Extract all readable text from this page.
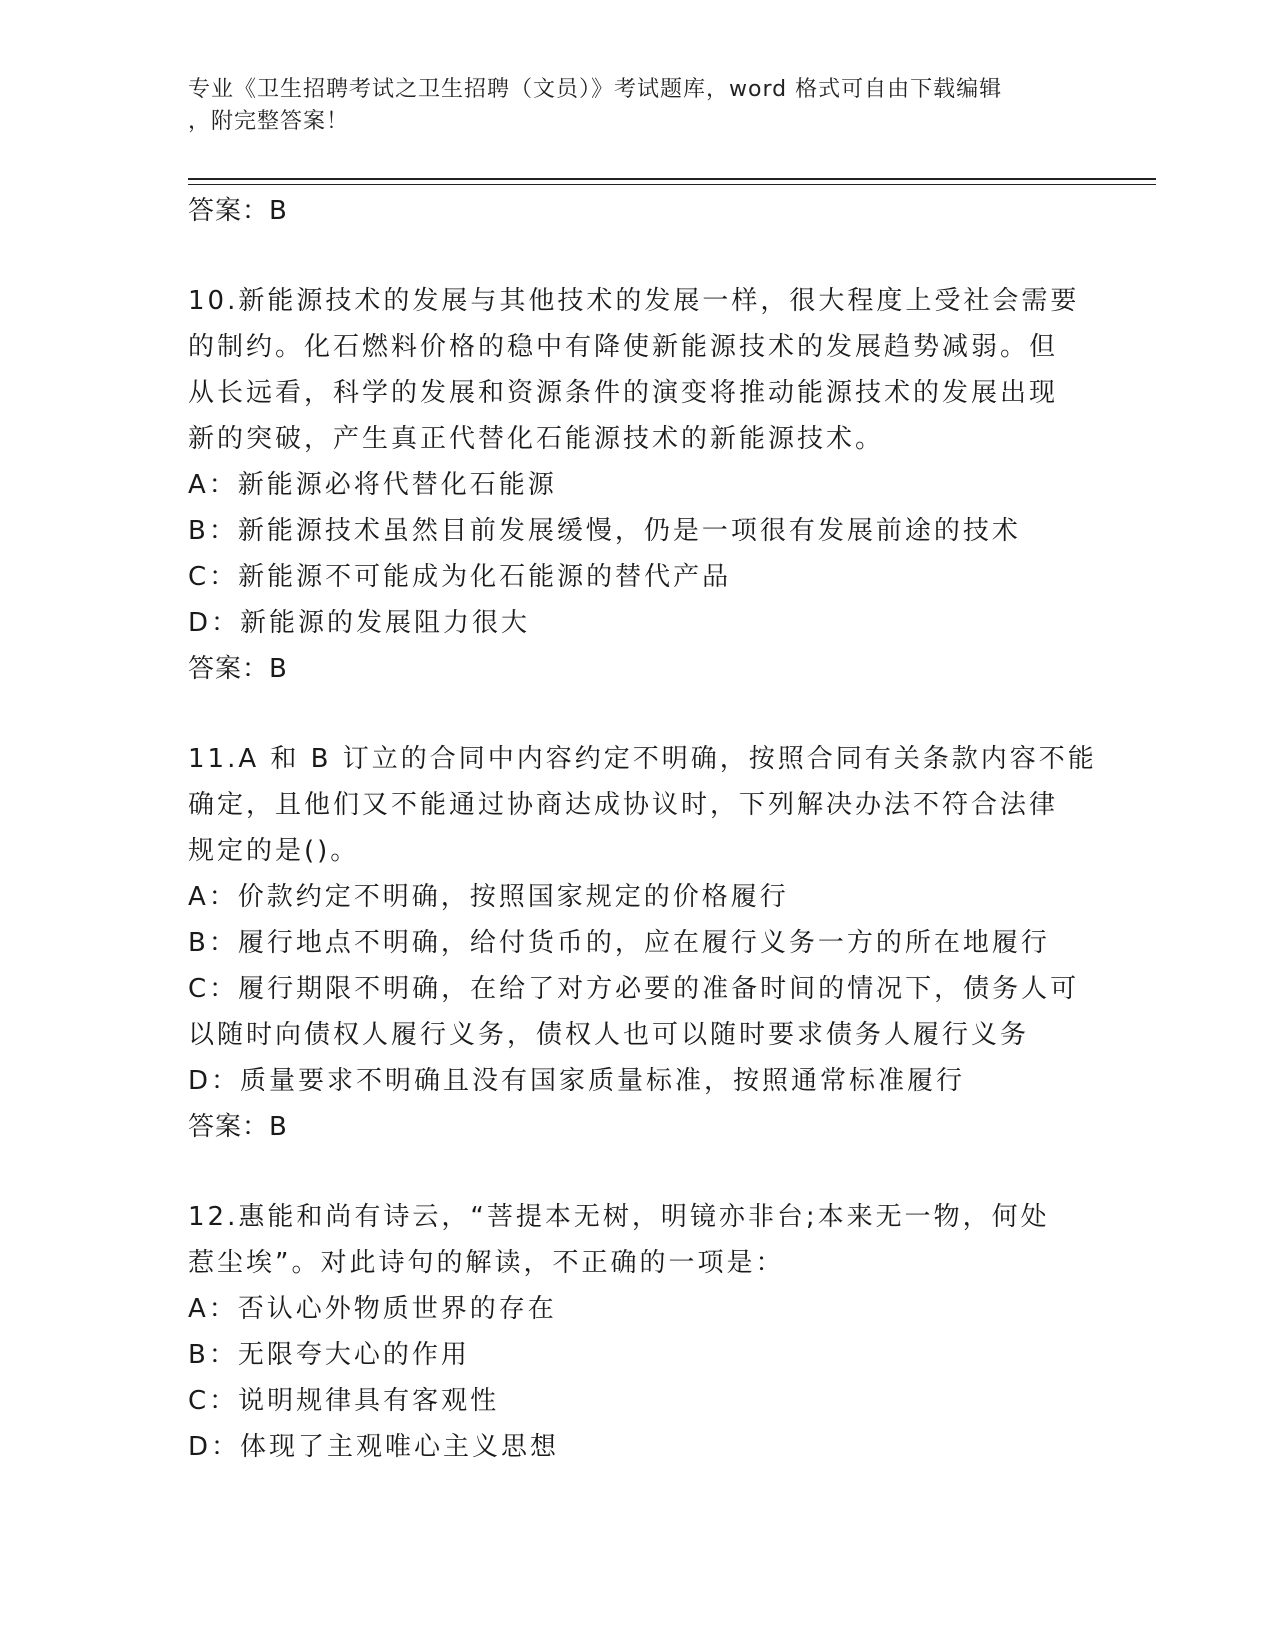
专业《卫生招聘考试之卫生招聘（文员）》考试题库，word 格式可自由下载编辑
，附完整答案！
答案：B
10.新能源技术的发展与其他技术的发展一样，很大程度上受社会需要
的制约。化石燃料价格的稳中有降使新能源技术的发展趋势减弱。但
从长远看，科学的发展和资源条件的演变将推动能源技术的发展出现
新的突破，产生真正代替化石能源技术的新能源技术。
A：新能源必将代替化石能源
B：新能源技术虽然目前发展缓慢，仍是一项很有发展前途的技术
C：新能源不可能成为化石能源的替代产品
D：新能源的发展阻力很大
答案：B
11.A 和 B 订立的合同中内容约定不明确，按照合同有关条款内容不能
确定，且他们又不能通过协商达成协议时，下列解决办法不符合法律
规定的是()。
A：价款约定不明确，按照国家规定的价格履行
B：履行地点不明确，给付货币的，应在履行义务一方的所在地履行
C：履行期限不明确，在给了对方必要的准备时间的情况下，债务人可
以随时向债权人履行义务，债权人也可以随时要求债务人履行义务
D：质量要求不明确且没有国家质量标准，按照通常标准履行
答案：B
12.惠能和尚有诗云，“菩提本无树，明镜亦非台;本来无一物，何处
惹尘埃”。对此诗句的解读，不正确的一项是：
A：否认心外物质世界的存在
B：无限夸大心的作用
C：说明规律具有客观性
D：体现了主观唯心主义思想
